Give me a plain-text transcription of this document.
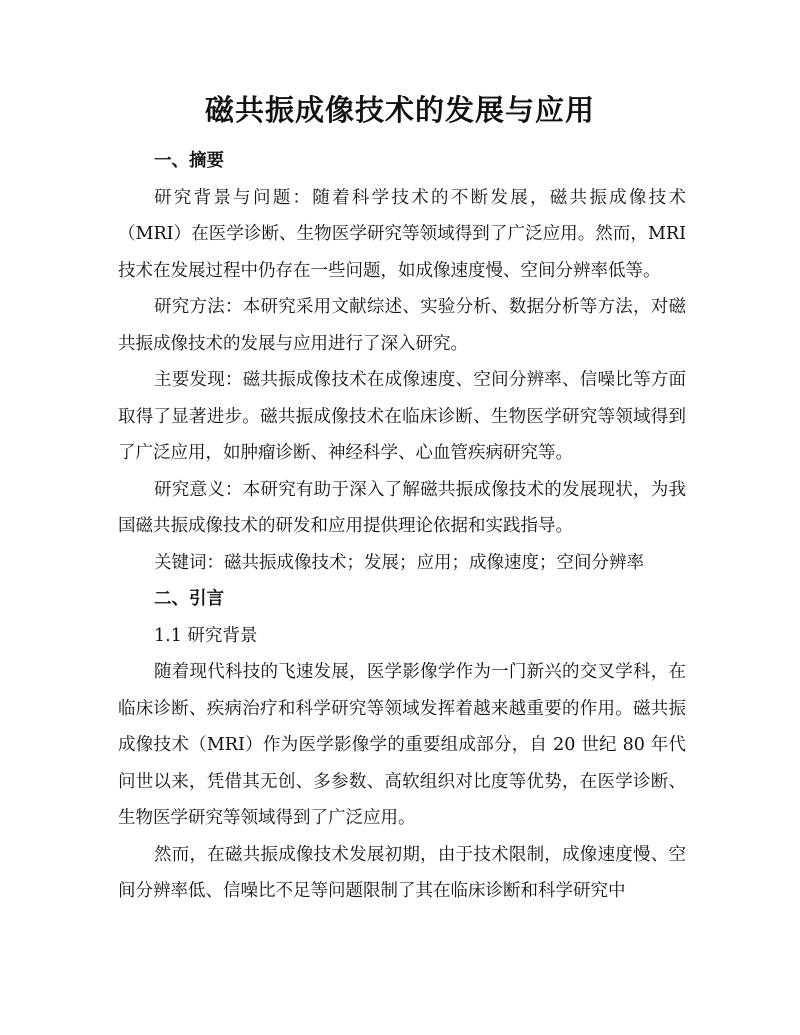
磁共振成像技术的发展与应用

一、摘要

研究背景与问题：随着科学技术的不断发展，磁共振成像技术（MRI）在医学诊断、生物医学研究等领域得到了广泛应用。然而，MRI 技术在发展过程中仍存在一些问题，如成像速度慢、空间分辨率低等。

研究方法：本研究采用文献综述、实验分析、数据分析等方法，对磁共振成像技术的发展与应用进行了深入研究。

主要发现：磁共振成像技术在成像速度、空间分辨率、信噪比等方面取得了显著进步。磁共振成像技术在临床诊断、生物医学研究等领域得到了广泛应用，如肿瘤诊断、神经科学、心血管疾病研究等。

研究意义：本研究有助于深入了解磁共振成像技术的发展现状，为我国磁共振成像技术的研发和应用提供理论依据和实践指导。

关键词：磁共振成像技术；发展；应用；成像速度；空间分辨率

二、引言

1.1 研究背景

随着现代科技的飞速发展，医学影像学作为一门新兴的交叉学科，在临床诊断、疾病治疗和科学研究等领域发挥着越来越重要的作用。磁共振成像技术（MRI）作为医学影像学的重要组成部分，自 20 世纪 80 年代问世以来，凭借其无创、多参数、高软组织对比度等优势，在医学诊断、生物医学研究等领域得到了广泛应用。

然而，在磁共振成像技术发展初期，由于技术限制，成像速度慢、空间分辨率低、信噪比不足等问题限制了其在临床诊断和科学研究中
